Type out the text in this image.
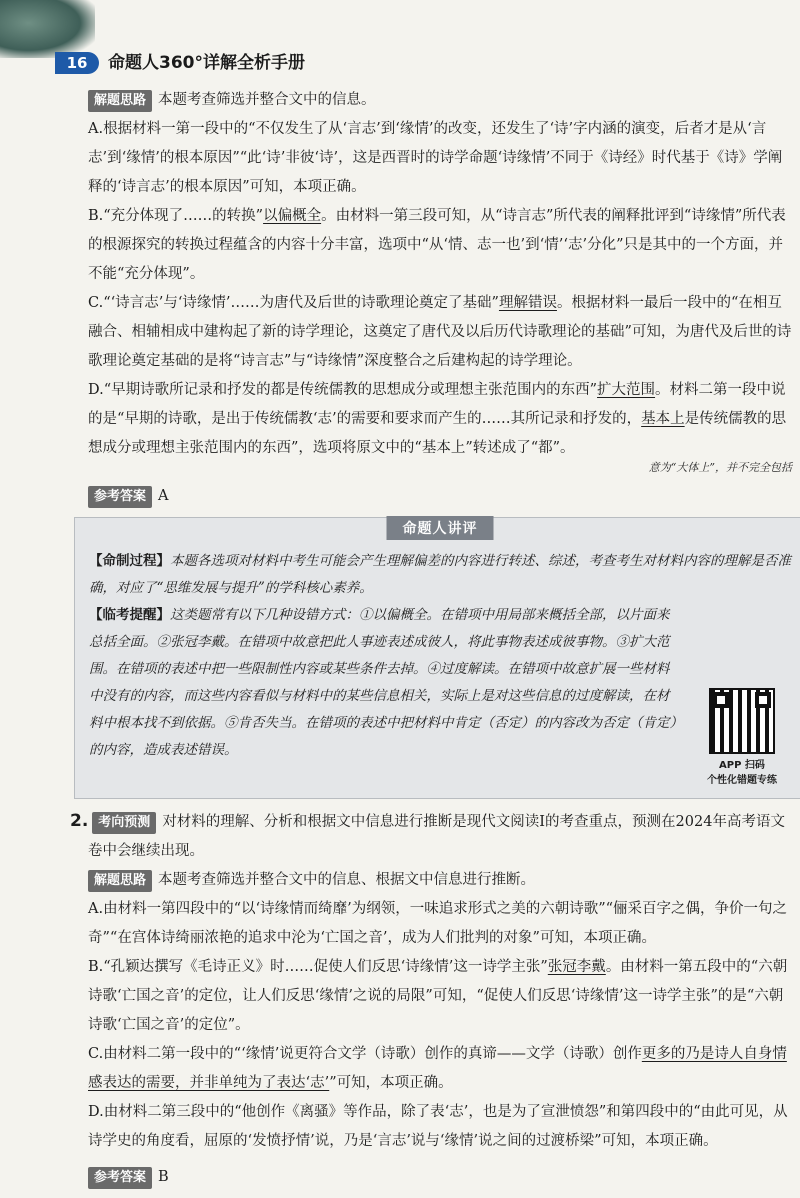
16	命题人360°详解全析手册

解题思路 本题考查筛选并整合文中的信息。

A.根据材料一第一段中的“不仅发生了从‘言志’到‘缘情’的改变，还发生了‘诗’字内涵的演变，后者才是从‘言志’到‘缘情’的根本原因”“此‘诗’非彼‘诗’，这是西晋时的诗学命题‘诗缘情’不同于《诗经》时代基于《诗》学阐释的‘诗言志’的根本原因”可知，本项正确。

B.“充分体现了……的转换”以偏概全。由材料一第三段可知，从“诗言志”所代表的阐释批评到“诗缘情”所代表的根源探究的转换过程蕴含的内容十分丰富，选项中“从‘情、志一也’到‘情’‘志’分化”只是其中的一个方面，并不能“充分体现”。

C.“‘诗言志’与‘诗缘情’……为唐代及后世的诗歌理论奠定了基础”理解错误。根据材料一最后一段中的“在相互融合、相辅相成中建构起了新的诗学理论，这奠定了唐代及以后历代诗歌理论的基础”可知，为唐代及后世的诗歌理论奠定基础的是将“诗言志”与“诗缘情”深度整合之后建构起的诗学理论。

D.“早期诗歌所记录和抒发的都是传统儒教的思想成分或理想主张范围内的东西”扩大范围。材料二第一段中说的是“早期的诗歌，是出于传统儒教‘志’的需要和要求而产生的……其所记录和抒发的，基本上是传统儒教的思想成分或理想主张范围内的东西”，选项将原文中的“基本上”转述成了“都”。

意为“大体上”，并不完全包括

参考答案 A
命题人讲评

【命制过程】本题各选项对材料中考生可能会产生理解偏差的内容进行转述、综述，考查考生对材料内容的理解是否准确，对应了“思维发展与提升”的学科核心素养。

APP 扫码
个性化错题专练

【临考提醒】这类题常有以下几种设错方式：①以偏概全。在错项中用局部来概括全部，以片面来总括全面。②张冠李戴。在错项中故意把此人事迹表述成彼人，将此事物表述成彼事物。③扩大范围。在错项的表述中把一些限制性内容或某些条件去掉。④过度解读。在错项中故意扩展一些材料中没有的内容，而这些内容看似与材料中的某些信息相关，实际上是对这些信息的过度解读，在材料中根本找不到依据。⑤肯否失当。在错项的表述中把材料中肯定（否定）的内容改为否定（肯定）的内容，造成表述错误。

2. 考向预测 对材料的理解、分析和根据文中信息进行推断是现代文阅读Ⅰ的考查重点，预测在2024年高考语文卷中会继续出现。

解题思路 本题考查筛选并整合文中的信息、根据文中信息进行推断。

A.由材料一第四段中的“以‘诗缘情而绮靡’为纲领，一味追求形式之美的六朝诗歌”“俪采百字之偶，争价一句之奇”“在宫体诗绮丽浓艳的追求中沦为‘亡国之音’，成为人们批判的对象”可知，本项正确。

B.“孔颖达撰写《毛诗正义》时……促使人们反思‘诗缘情’这一诗学主张”张冠李戴。由材料一第五段中的“六朝诗歌‘亡国之音’的定位，让人们反思‘缘情’之说的局限”可知，“促使人们反思‘诗缘情’这一诗学主张”的是“六朝诗歌‘亡国之音’的定位”。

C.由材料二第一段中的“‘缘情’说更符合文学（诗歌）创作的真谛——文学（诗歌）创作更多的乃是诗人自身情感表达的需要，并非单纯为了表达‘志’”可知，本项正确。

D.由材料二第三段中的“他创作《离骚》等作品，除了表‘志’，也是为了宣泄愤怨”和第四段中的“由此可见，从诗学史的角度看，屈原的‘发愤抒情’说，乃是‘言志’说与‘缘情’说之间的过渡桥梁”可知，本项正确。

参考答案 B
